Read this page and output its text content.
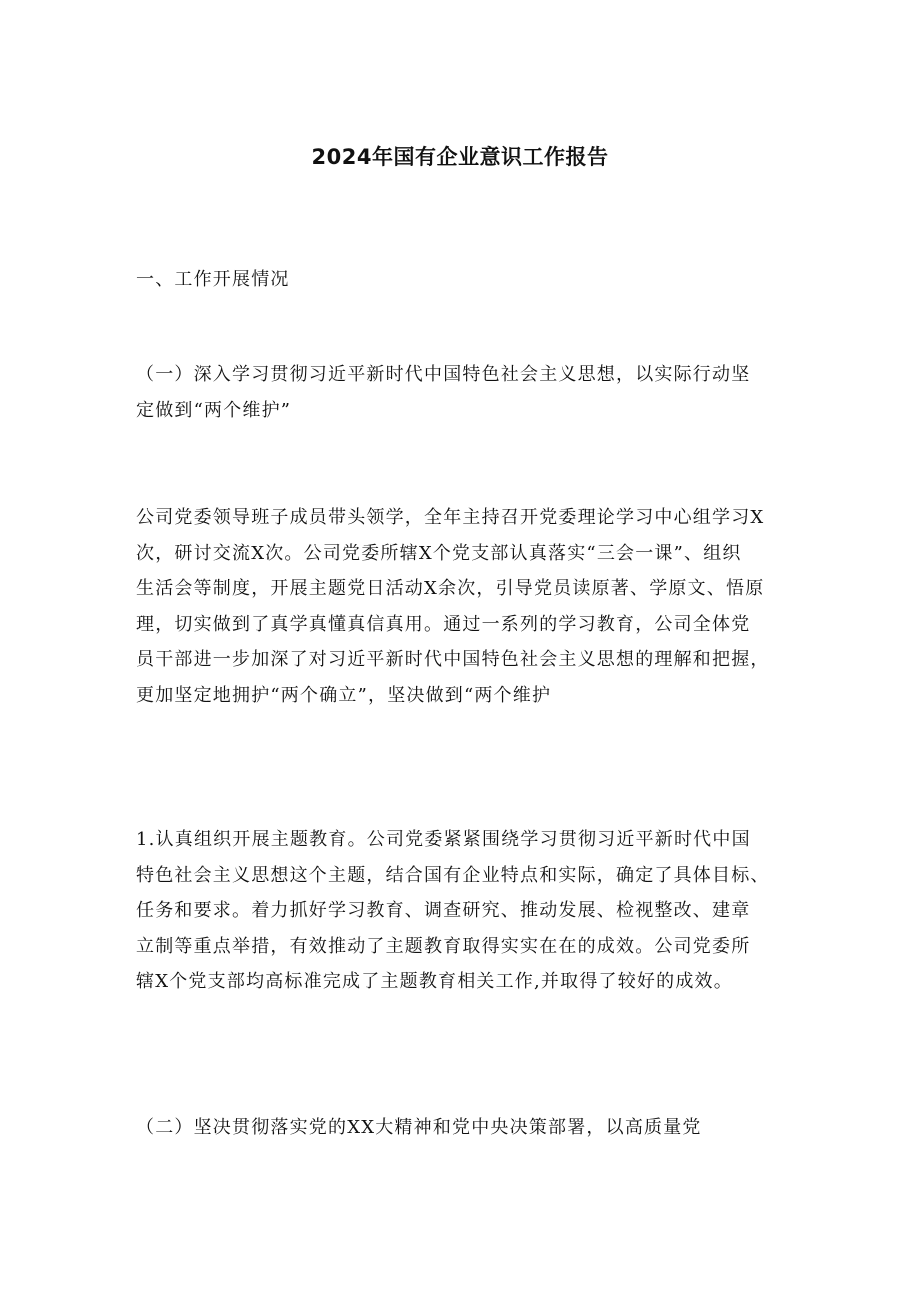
2024年国有企业意识工作报告
一、工作开展情况
（一）深入学习贯彻习近平新时代中国特色社会主义思想，以实际行动坚
定做到“两个维护”
公司党委领导班子成员带头领学，全年主持召开党委理论学习中心组学习X
次，研讨交流X次。公司党委所辖X个党支部认真落实“三会一课”、组织
生活会等制度，开展主题党日活动X余次，引导党员读原著、学原文、悟原
理，切实做到了真学真懂真信真用。通过一系列的学习教育，公司全体党
员干部进一步加深了对习近平新时代中国特色社会主义思想的理解和把握，
更加坚定地拥护“两个确立”，坚决做到“两个维护
1.认真组织开展主题教育。公司党委紧紧围绕学习贯彻习近平新时代中国
特色社会主义思想这个主题，结合国有企业特点和实际，确定了具体目标、
任务和要求。着力抓好学习教育、调查研究、推动发展、检视整改、建章
立制等重点举措，有效推动了主题教育取得实实在在的成效。公司党委所
辖X个党支部均高标准完成了主题教育相关工作,并取得了较好的成效。
（二）坚决贯彻落实党的XX大精神和党中央决策部署，以高质量党
